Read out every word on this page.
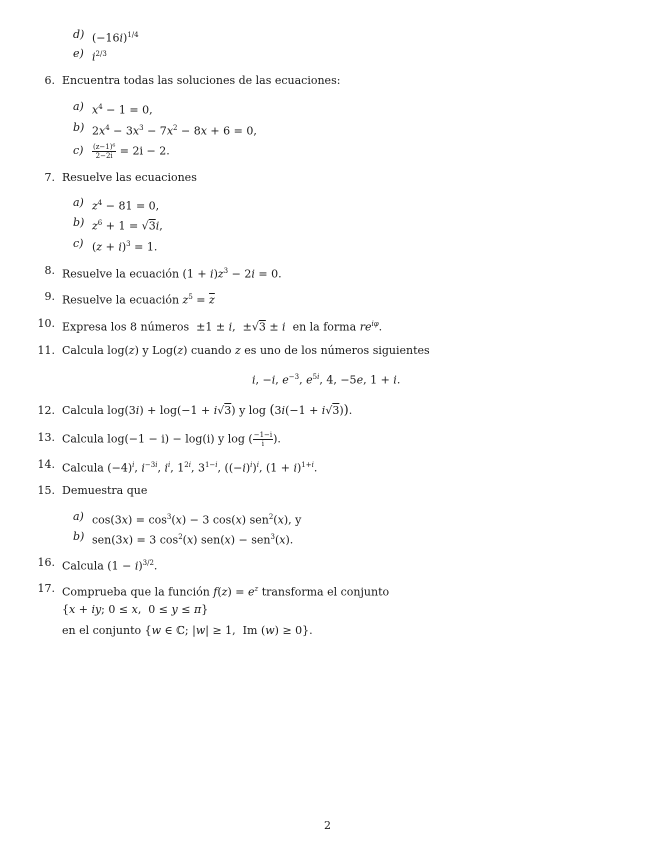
d) $(-16i)^{1/4}$
e) $i^{2/3}$
6. Encuentra todas las soluciones de las ecuaciones:
a) $x^4 - 1 = 0$,
b) $2x^4 - 3x^3 - 7x^2 - 8x + 6 = 0$,
$c) \frac{\text{(z−1)⁶}}{2-2i} = 2i - 2$.
7. Resuelve las ecuaciones
a) $z^4 - 81 = 0$,
b) $z^6 + 1 = √3i$,
c) $(z + i)^3 = 1$.
8. Resuelve la ecuación $(1 + i)z^3 - 2i = 0$.
9. Resuelve la ecuación $z^5 = \overline{z}$
10. Expresa los 8 números  ±1 ± i,  ±√3 ± i  en la forma $re^{i\varphi}$.
11. Calcula log(z) y Log(z) cuando z es uno de los números siguientes
i, −i, $e^{-3}$, $e^{5i}$, 4, −5e, 1 + i.
12. Calcula log(3i) + log(−1 + i√3) y log (3i(−1 + i√3)).
13. Calcula log(−1 − i) − log(i) y log ( $\frac{-1-i}{i}$ ).
14. Calcula $(-4)^i$, $i^{-3i}$, $i^i$, $1^{2i}$, $3^{1-i}$, $((-i)^i)^i$, $(1 + i)^{1+i}$.
15. Demuestra que
a) $\cos(3x) = \cos^3(x) - 3$ cos(x) sen$^2$(x), y
b) sen(3x) = 3 $\cos^2(x) sen(x) - sen^3(x)$.
16. Calcula $(1 - i)^{3/2}$.
17. Comprueba que la función $f(z) = e^z$ transforma el conjunto
{x + iy; 0 ≤ x,  0 ≤ y ≤ π}
en el conjunto {w ∈ ℂ; |w| ≥ 1,  Im (w) ≥ 0}.
2
